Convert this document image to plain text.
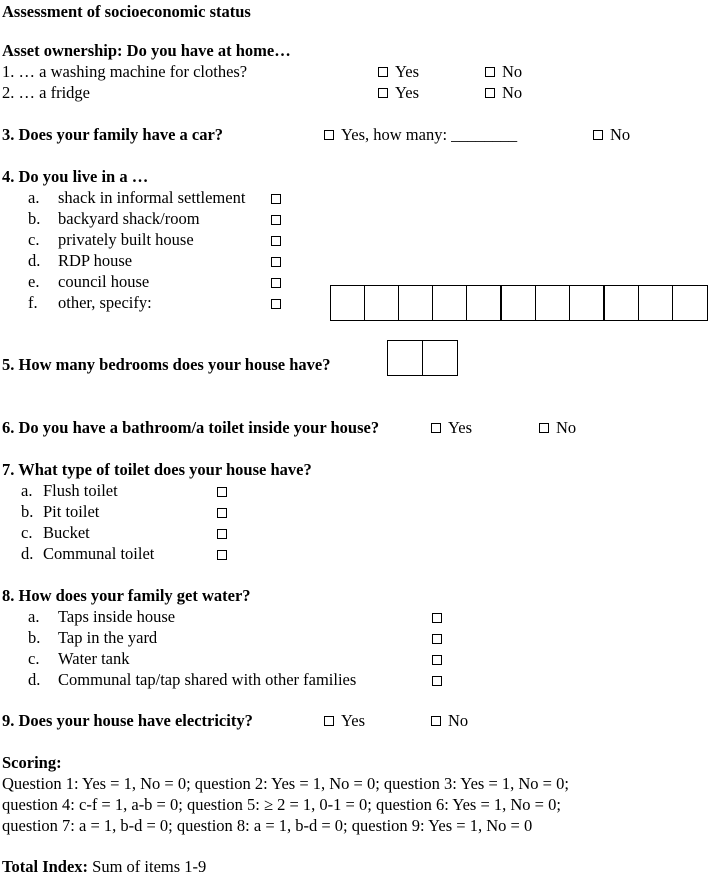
Assessment of socioeconomic status
Asset ownership: Do you have at home…
1. … a washing machine for clothes?	Yes	No
2. … a fridge	Yes	No
3. Does your family have a car?	Yes, how many: ________	No
4. Do you live in a …
a. shack in informal settlement
b. backyard shack/room
c. privately built house
d. RDP house
e. council house
f. other, specify:
5. How many bedrooms does your house have?
6. Do you have a bathroom/a toilet inside your house?	Yes	No
7. What type of toilet does your house have?
a. Flush toilet
b. Pit toilet
c. Bucket
d. Communal toilet
8. How does your family get water?
a. Taps inside house
b. Tap in the yard
c. Water tank
d. Communal tap/tap shared with other families
9. Does your house have electricity?	Yes	No
Scoring:
Question 1: Yes = 1, No = 0; question 2: Yes = 1, No = 0; question 3: Yes = 1, No = 0;
question 4: c-f = 1, a-b = 0; question 5: ≥ 2 = 1, 0-1 = 0; question 6: Yes = 1, No = 0;
question 7: a = 1, b-d = 0; question 8: a = 1, b-d = 0; question 9: Yes = 1, No = 0
Total Index: Sum of items 1-9
